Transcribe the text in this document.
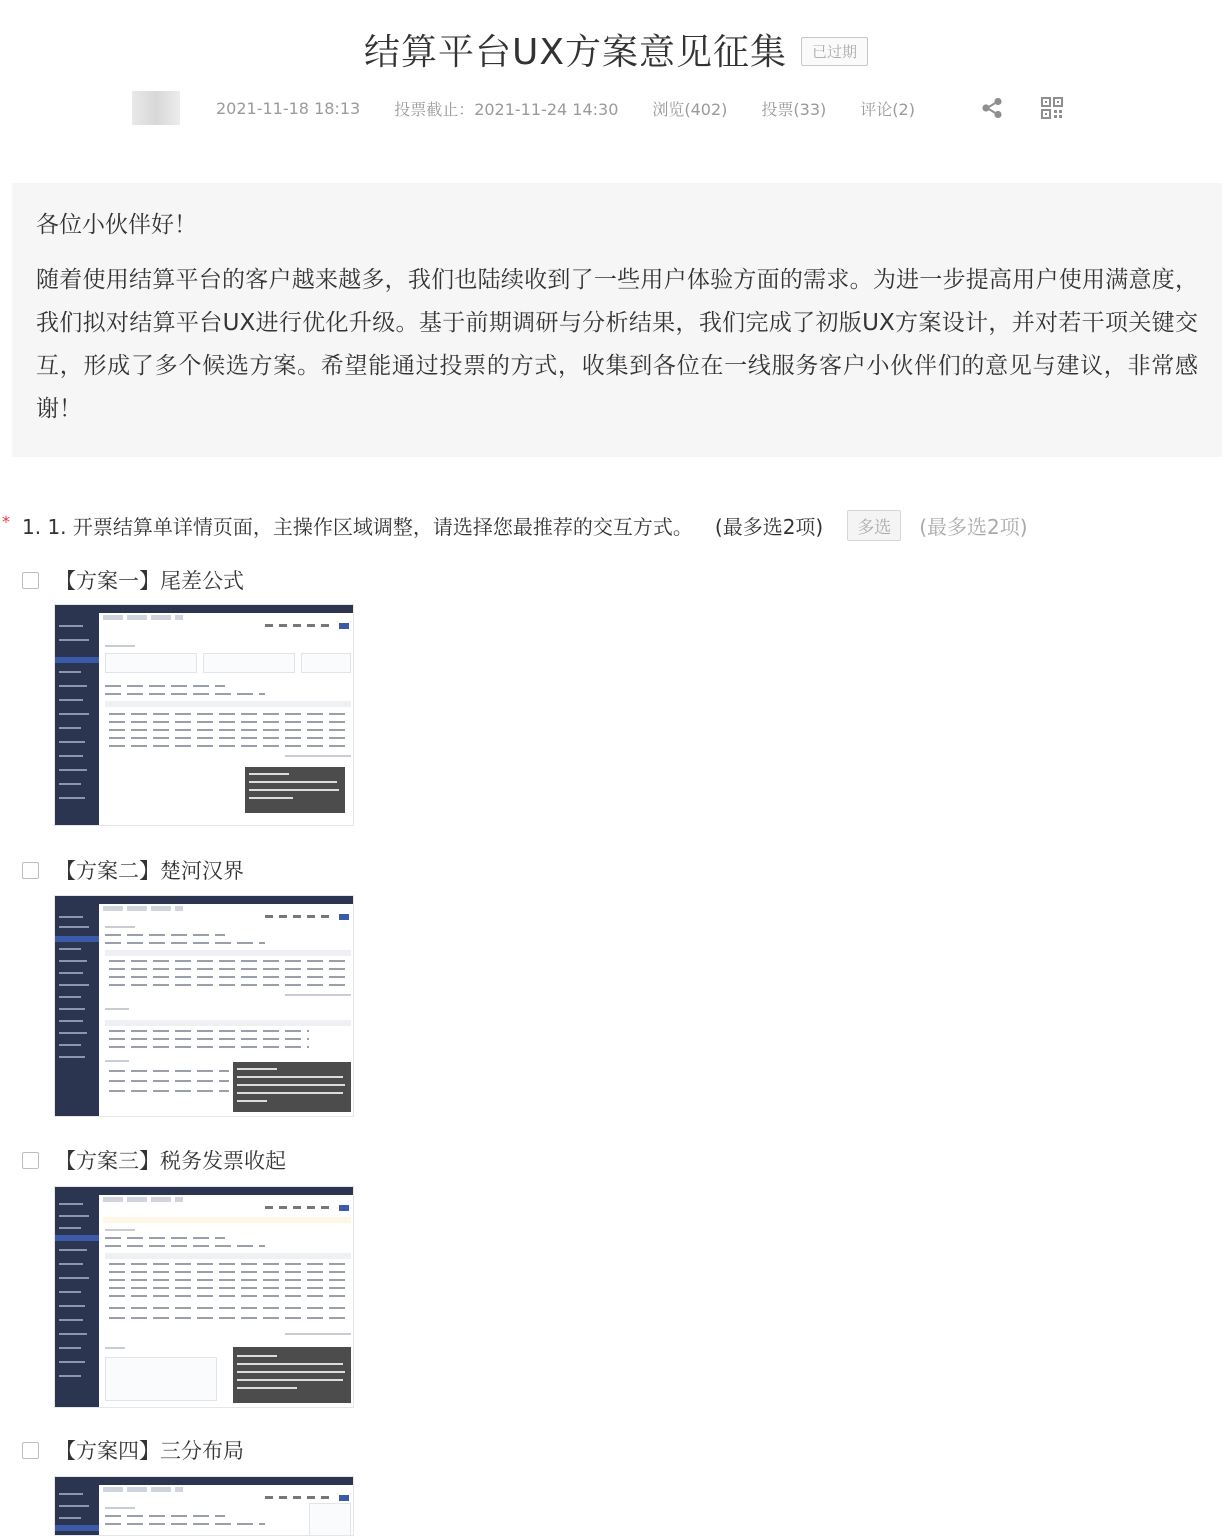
结算平台UX方案意见征集 已过期
2021-11-18 18:13 投票截止：2021-11-24 14:30 浏览(402) 投票(33) 评论(2)
各位小伙伴好！
随着使用结算平台的客户越来越多，我们也陆续收到了一些用户体验方面的需求。为进一步提高用户使用满意度，我们拟对结算平台UX进行优化升级。基于前期调研与分析结果，我们完成了初版UX方案设计，并对若干项关键交互，形成了多个候选方案。希望能通过投票的方式，收集到各位在一线服务客户小伙伴们的意见与建议，非常感谢！
* 1. 1. 开票结算单详情页面，主操作区域调整，请选择您最推荐的交互方式。 (最多选2项)	多选	(最多选2项)
【方案一】尾差公式
【方案二】楚河汉界
【方案三】税务发票收起
【方案四】三分布局
